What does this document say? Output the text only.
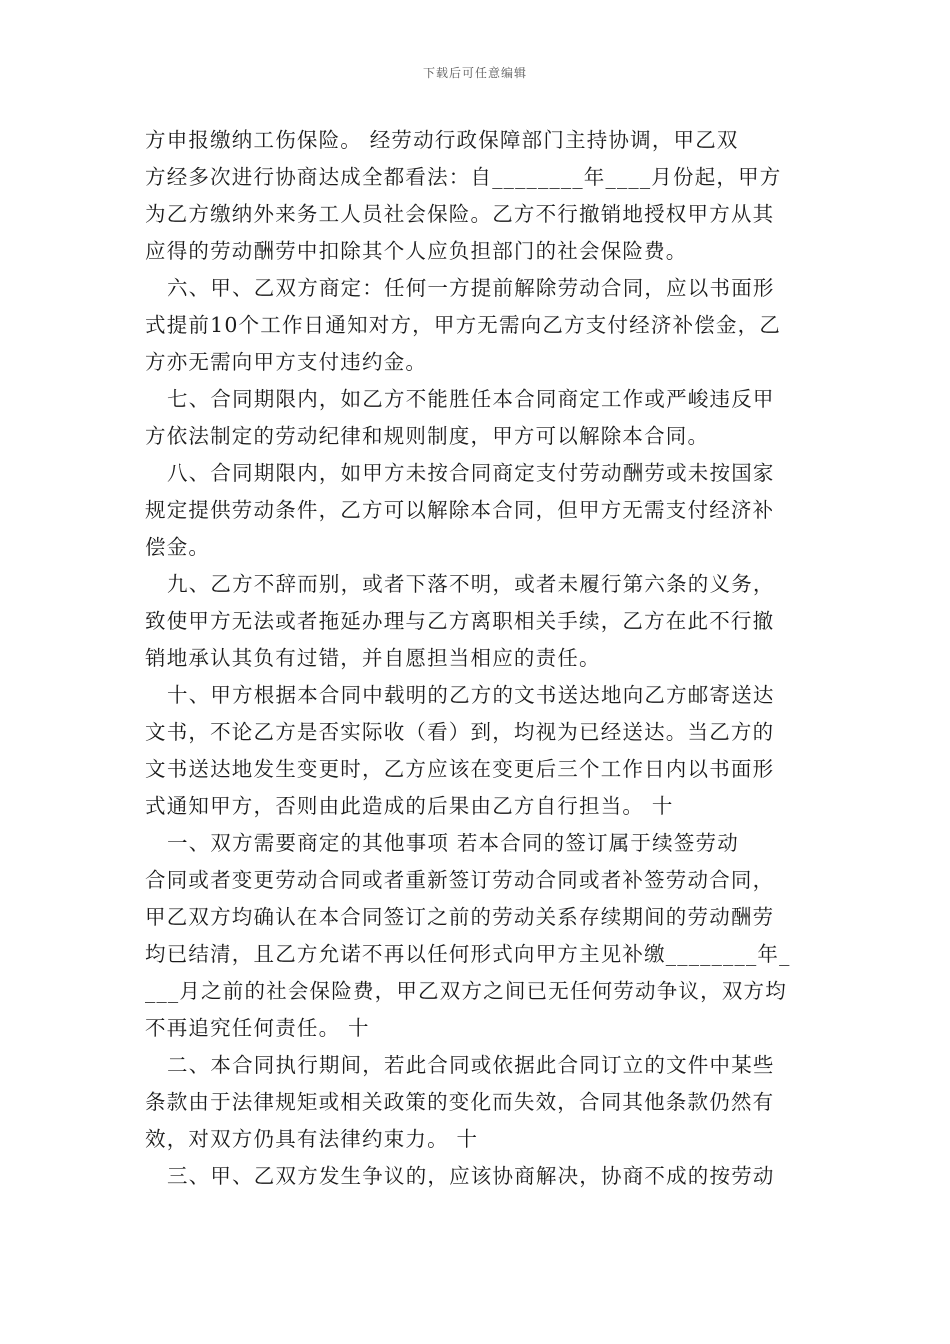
下载后可任意编辑
方申报缴纳工伤保险。 经劳动行政保障部门主持协调，甲乙双
方经多次进行协商达成全都看法：自________年____月份起，甲方
为乙方缴纳外来务工人员社会保险。乙方不行撤销地授权甲方从其
应得的劳动酬劳中扣除其个人应负担部门的社会保险费。
六、甲、乙双方商定：任何一方提前解除劳动合同，应以书面形
式提前10个工作日通知对方，甲方无需向乙方支付经济补偿金，乙
方亦无需向甲方支付违约金。
七、合同期限内，如乙方不能胜任本合同商定工作或严峻违反甲
方依法制定的劳动纪律和规则制度，甲方可以解除本合同。
八、合同期限内，如甲方未按合同商定支付劳动酬劳或未按国家
规定提供劳动条件，乙方可以解除本合同，但甲方无需支付经济补
偿金。
九、乙方不辞而别，或者下落不明，或者未履行第六条的义务，
致使甲方无法或者拖延办理与乙方离职相关手续，乙方在此不行撤
销地承认其负有过错，并自愿担当相应的责任。
十、甲方根据本合同中载明的乙方的文书送达地向乙方邮寄送达
文书，不论乙方是否实际收（看）到，均视为已经送达。当乙方的
文书送达地发生变更时，乙方应该在变更后三个工作日内以书面形
式通知甲方，否则由此造成的后果由乙方自行担当。 十
一、双方需要商定的其他事项 若本合同的签订属于续签劳动
合同或者变更劳动合同或者重新签订劳动合同或者补签劳动合同，
甲乙双方均确认在本合同签订之前的劳动关系存续期间的劳动酬劳
均已结清，且乙方允诺不再以任何形式向甲方主见补缴________年_
___月之前的社会保险费，甲乙双方之间已无任何劳动争议，双方均
不再追究任何责任。 十
二、本合同执行期间，若此合同或依据此合同订立的文件中某些
条款由于法律规矩或相关政策的变化而失效，合同其他条款仍然有
效，对双方仍具有法律约束力。 十
三、甲、乙双方发生争议的，应该协商解决，协商不成的按劳动
